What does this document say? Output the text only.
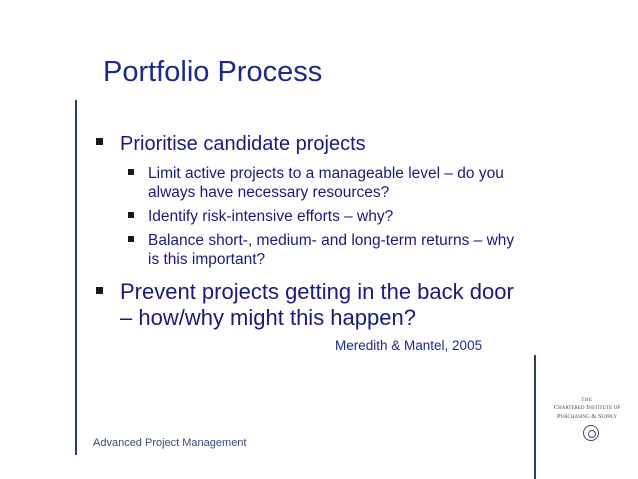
Portfolio Process
Prioritise candidate projects
Limit active projects to a manageable level – do you always have necessary resources?
Identify risk-intensive efforts – why?
Balance short-, medium- and long-term returns – why is this important?
Prevent projects getting in the back door – how/why might this happen?
Meredith & Mantel, 2005
Advanced Project Management
THE
Chartered Institute of
Purchasing & Supply
